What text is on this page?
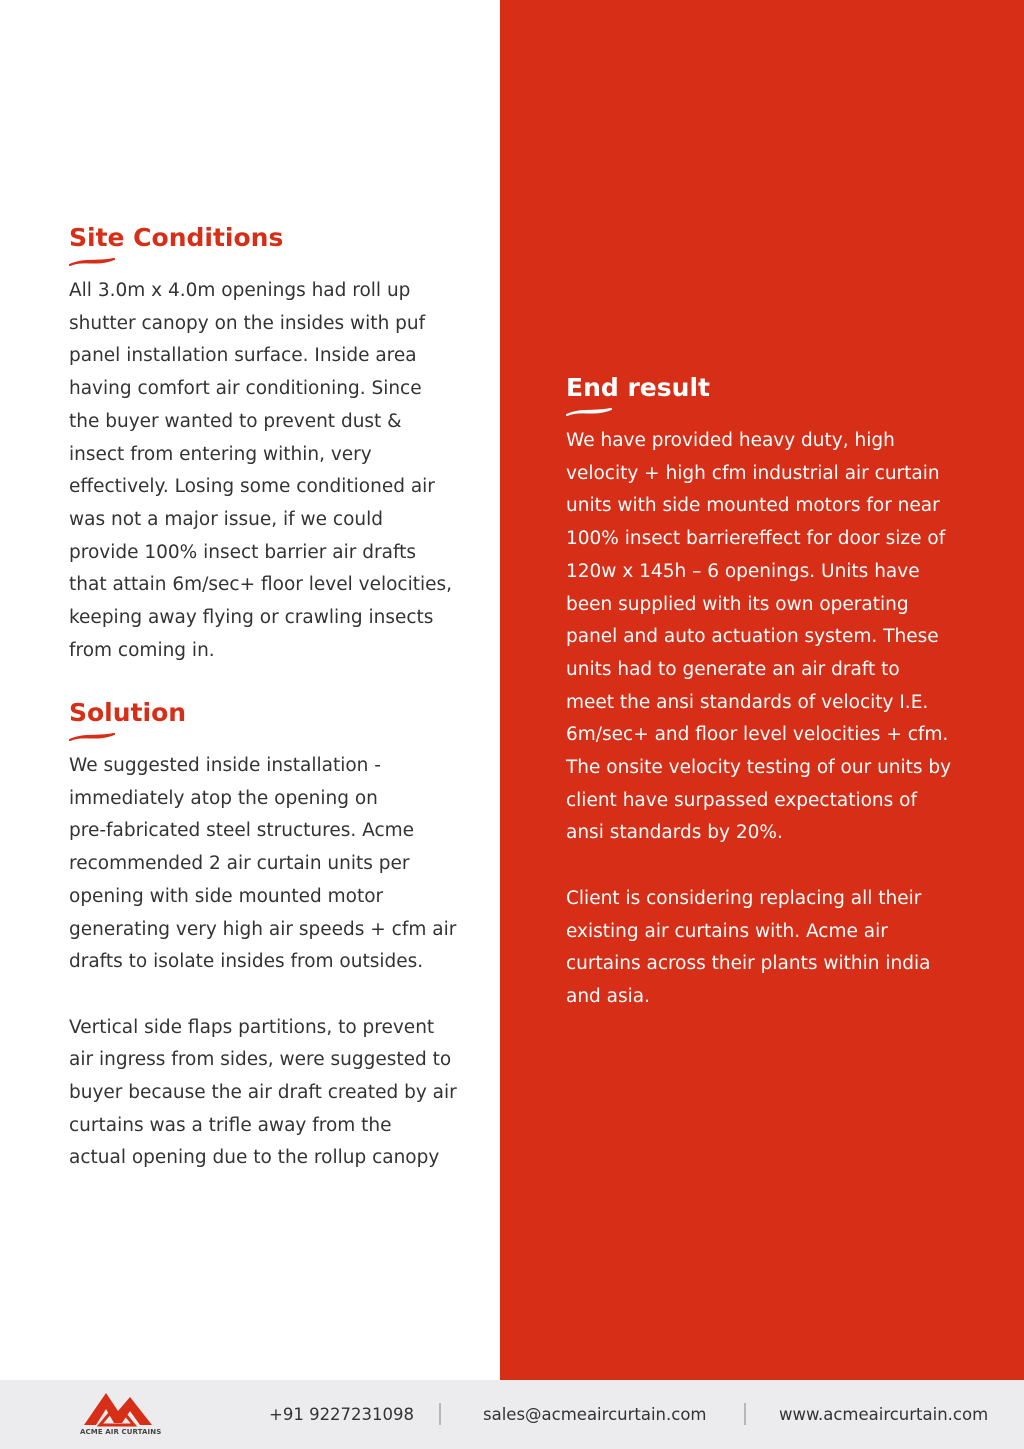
Site Conditions

All 3.0m x 4.0m openings had roll up
shutter canopy on the insides with puf
panel installation surface. Inside area
having comfort air conditioning. Since
the buyer wanted to prevent dust &
insect from entering within, very
effectively. Losing some conditioned air
was not a major issue, if we could
provide 100% insect barrier air drafts
that attain 6m/sec+ floor level velocities,
keeping away flying or crawling insects
from coming in.

Solution

We suggested inside installation -
immediately atop the opening on
pre-fabricated steel structures. Acme
recommended 2 air curtain units per
opening with side mounted motor
generating very high air speeds + cfm air
drafts to isolate insides from outsides.

Vertical side flaps partitions, to prevent
air ingress from sides, were suggested to
buyer because the air draft created by air
curtains was a trifle away from the
actual opening due to the rollup canopy

End result

We have provided heavy duty, high
velocity + high cfm industrial air curtain
units with side mounted motors for near
100% insect barriereffect for door size of
120w x 145h – 6 openings. Units have
been supplied with its own operating
panel and auto actuation system. These
units had to generate an air draft to
meet the ansi standards of velocity I.E.
6m/sec+ and floor level velocities + cfm.
The onsite velocity testing of our units by
client have surpassed expectations of
ansi standards by 20%.

Client is considering replacing all their
existing air curtains with. Acme air
curtains across their plants within india
and asia.

ACME AIR CURTAINS
+91 9227231098	sales@acmeaircurtain.com	www.acmeaircurtain.com
